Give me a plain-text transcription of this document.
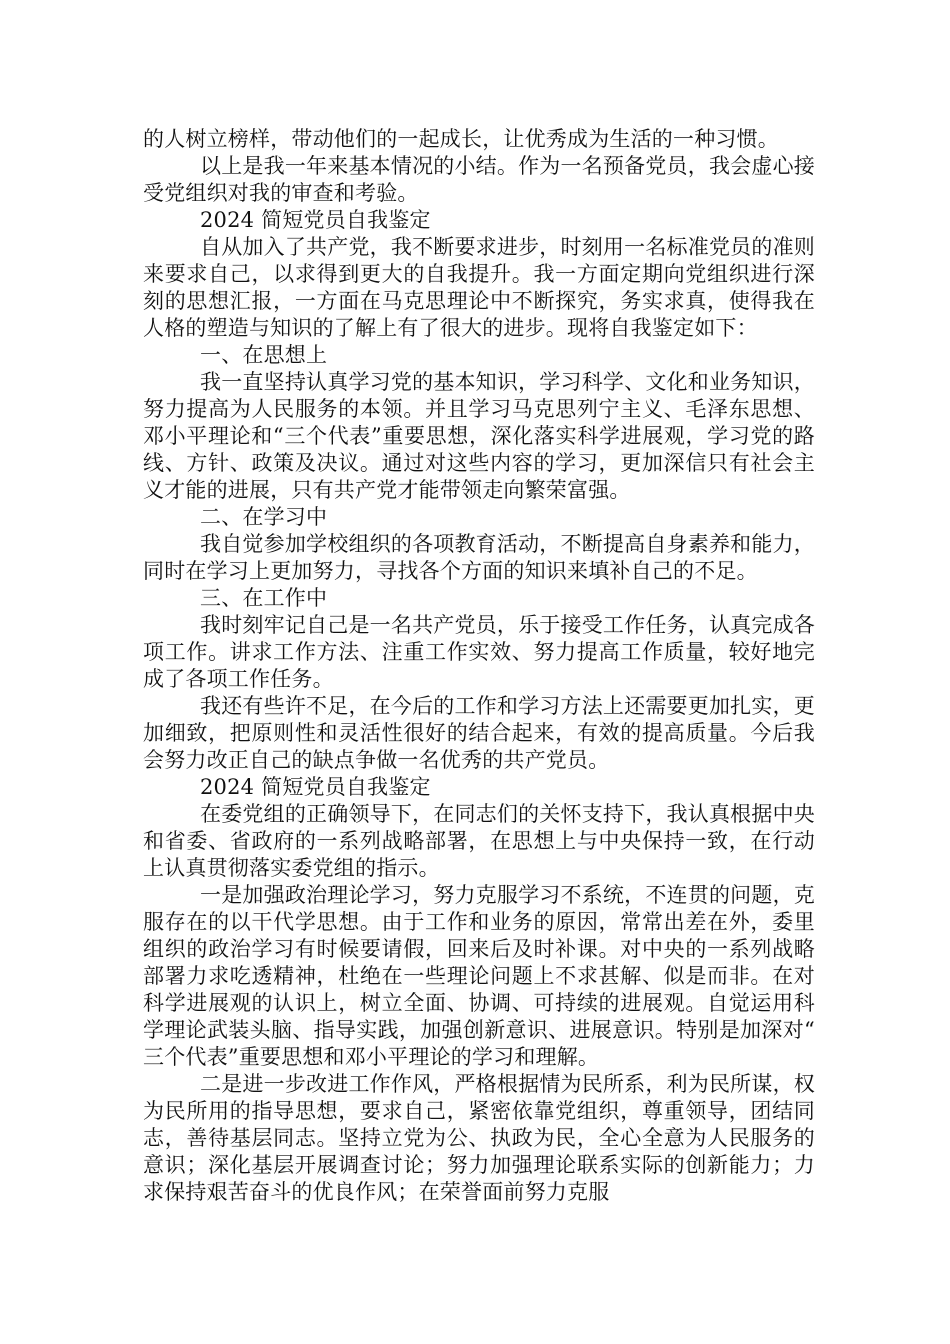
的人树立榜样，带动他们的一起成长，让优秀成为生活的一种习惯。

以上是我一年来基本情况的小结。作为一名预备党员，我会虚心接受党组织对我的审查和考验。

2024 简短党员自我鉴定

自从加入了共产党，我不断要求进步，时刻用一名标准党员的准则来要求自己，以求得到更大的自我提升。我一方面定期向党组织进行深刻的思想汇报，一方面在马克思理论中不断探究，务实求真，使得我在人格的塑造与知识的了解上有了很大的进步。现将自我鉴定如下：

一、在思想上

我一直坚持认真学习党的基本知识，学习科学、文化和业务知识，努力提高为人民服务的本领。并且学习马克思列宁主义、毛泽东思想、邓小平理论和“三个代表”重要思想，深化落实科学进展观，学习党的路线、方针、政策及决议。通过对这些内容的学习，更加深信只有社会主义才能的进展，只有共产党才能带领走向繁荣富强。

二、在学习中

我自觉参加学校组织的各项教育活动，不断提高自身素养和能力，同时在学习上更加努力，寻找各个方面的知识来填补自己的不足。

三、在工作中

我时刻牢记自己是一名共产党员，乐于接受工作任务，认真完成各项工作。讲求工作方法、注重工作实效、努力提高工作质量，较好地完成了各项工作任务。

我还有些许不足，在今后的工作和学习方法上还需要更加扎实，更加细致，把原则性和灵活性很好的结合起来，有效的提高质量。今后我会努力改正自己的缺点争做一名优秀的共产党员。

2024 简短党员自我鉴定

在委党组的正确领导下，在同志们的关怀支持下，我认真根据中央和省委、省政府的一系列战略部署，在思想上与中央保持一致，在行动上认真贯彻落实委党组的指示。

一是加强政治理论学习，努力克服学习不系统，不连贯的问题，克服存在的以干代学思想。由于工作和业务的原因，常常出差在外，委里组织的政治学习有时候要请假，回来后及时补课。对中央的一系列战略部署力求吃透精神，杜绝在一些理论问题上不求甚解、似是而非。在对科学进展观的认识上，树立全面、协调、可持续的进展观。自觉运用科学理论武装头脑、指导实践，加强创新意识、进展意识。特别是加深对“三个代表”重要思想和邓小平理论的学习和理解。

二是进一步改进工作作风，严格根据情为民所系，利为民所谋，权为民所用的指导思想，要求自己，紧密依靠党组织，尊重领导，团结同志，善待基层同志。坚持立党为公、执政为民，全心全意为人民服务的意识；深化基层开展调查讨论；努力加强理论联系实际的创新能力；力求保持艰苦奋斗的优良作风；在荣誉面前努力克服
